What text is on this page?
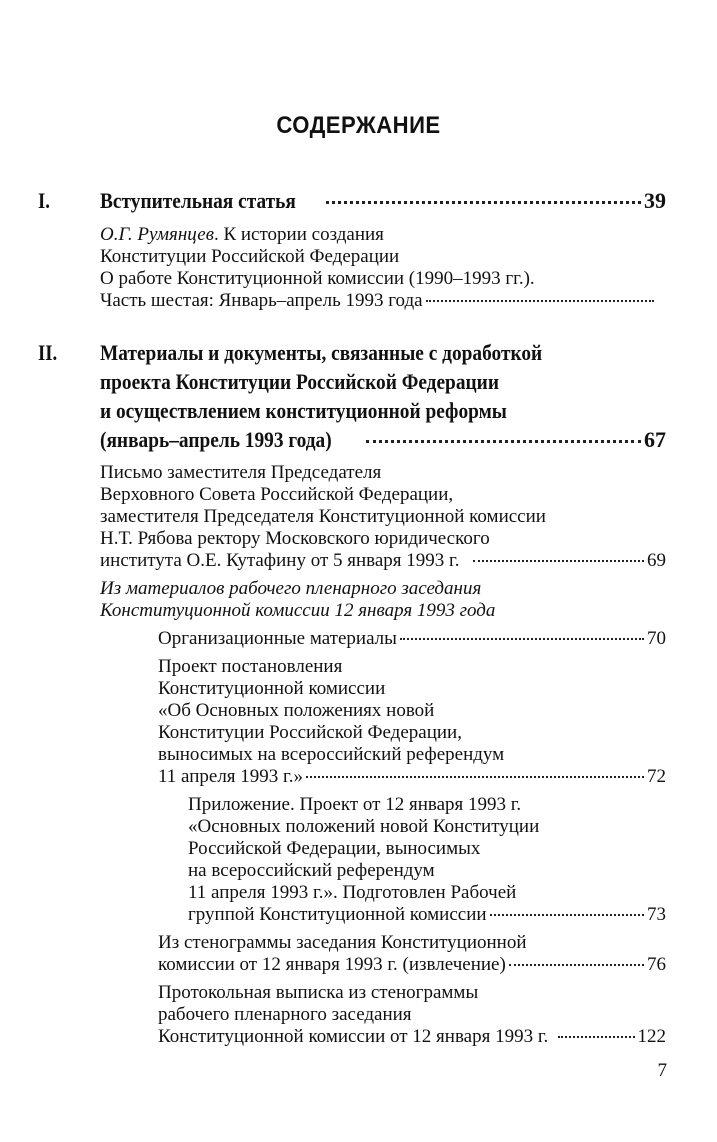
СОДЕРЖАНИЕ
I. Вступительная статья	39
О.Г. Румянцев. К истории создания
Конституции Российской Федерации
О работе Конституционной комиссии (1990–1993 гг.).
Часть шестая: Январь–апрель 1993 года
II. Материалы и документы, связанные с доработкой
проекта Конституции Российской Федерации
и осуществлением конституционной реформы
(январь–апрель 1993 года)	67
Письмо заместителя Председателя
Верховного Совета Российской Федерации,
заместителя Председателя Конституционной комиссии
Н.Т. Рябова ректору Московского юридического
института О.Е. Кутафину от 5 января 1993 г.	69
Из материалов рабочего пленарного заседания
Конституционной комиссии 12 января 1993 года
Организационные материалы	70
Проект постановления
Конституционной комиссии
«Об Основных положениях новой
Конституции Российской Федерации,
выносимых на всероссийский референдум
11 апреля 1993 г.»	72
Приложение. Проект от 12 января 1993 г.
«Основных положений новой Конституции
Российской Федерации, выносимых
на всероссийский референдум
11 апреля 1993 г.». Подготовлен Рабочей
группой Конституционной комиссии	73
Из стенограммы заседания Конституционной
комиссии от 12 января 1993 г. (извлечение)	76
Протокольная выписка из стенограммы
рабочего пленарного заседания
Конституционной комиссии от 12 января 1993 г.	122
7
